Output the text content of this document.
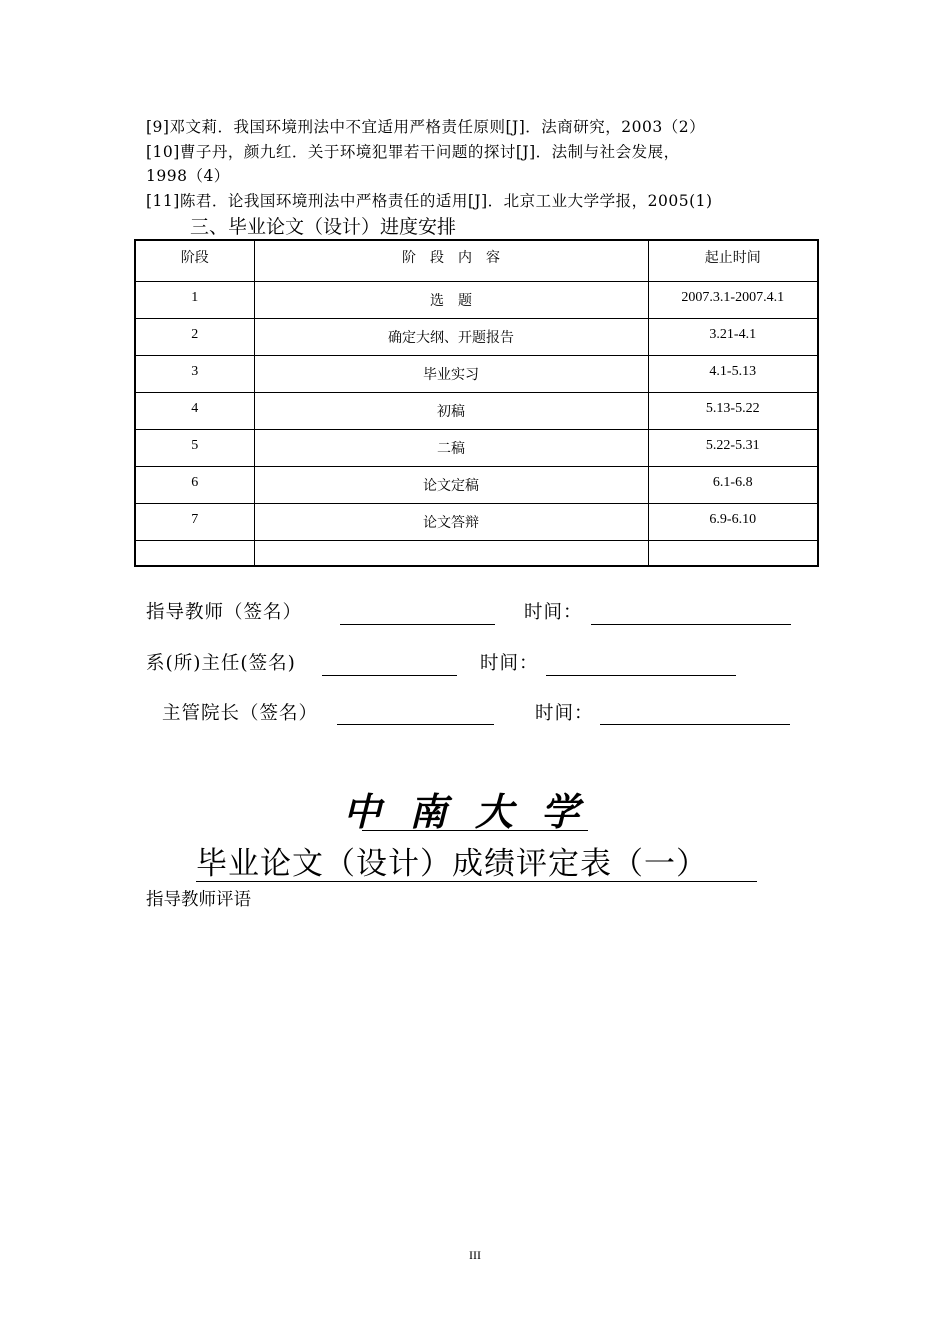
[9]邓文莉．我国环境刑法中不宜适用严格责任原则[J]．法商研究，2003（2）
[10]曹子丹，颜九红．关于环境犯罪若干问题的探讨[J]．法制与社会发展，
1998（4）
[11]陈君．论我国环境刑法中严格责任的适用[J]．北京工业大学学报，2005(1)
三、毕业论文（设计）进度安排
阶段	阶　段　内　容	起止时间
1	选　题	2007.3.1-2007.4.1
2	确定大纲、开题报告	3.21-4.1
3	毕业实习	4.1-5.13
4	初稿	5.13-5.22
5	二稿	5.22-5.31
6	论文定稿	6.1-6.8
7	论文答辩	6.9-6.10

指导教师（签名）	时间：
系(所)主任(签名)	时间：
主管院长（签名）	时间：
中南大学
毕业论文（设计）成绩评定表（一）
指导教师评语
III
